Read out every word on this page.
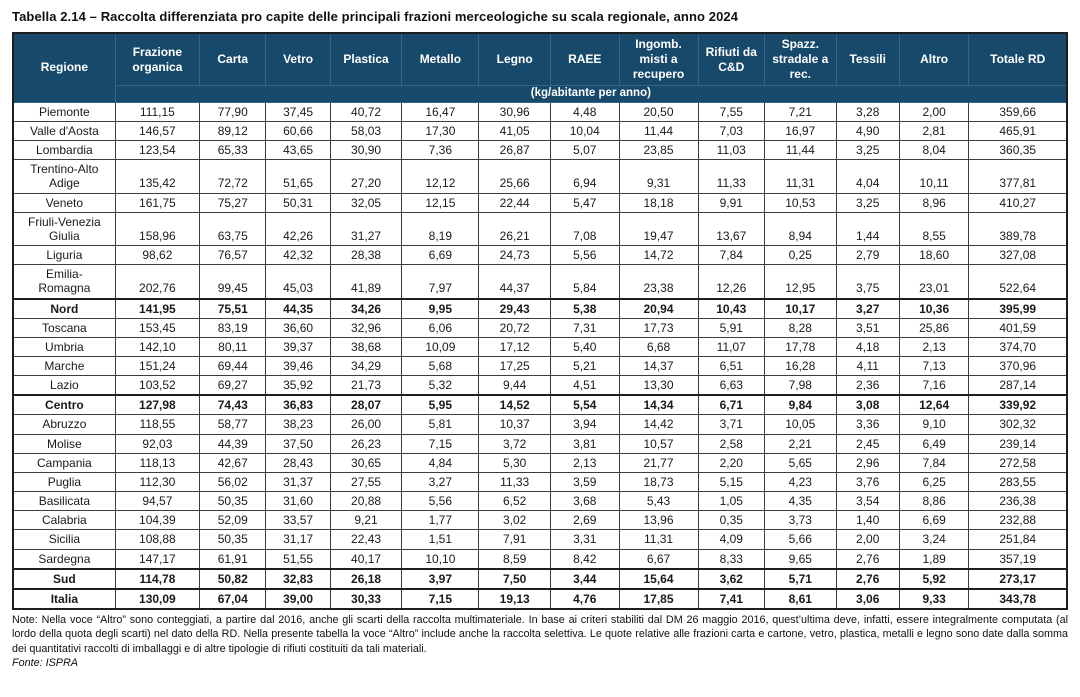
Tabella 2.14 – Raccolta differenziata pro capite delle principali frazioni merceologiche su scala regionale, anno 2024
Regione	Frazione organica	Carta	Vetro	Plastica	Metallo	Legno	RAEE	Ingomb. misti a recupero	Rifiuti da C&D	Spazz. stradale a rec.	Tessili	Altro	Totale RD
	(kg/abitante per anno)												
Piemonte	111,15	77,90	37,45	40,72	16,47	30,96	4,48	20,50	7,55	7,21	3,28	2,00	359,66
Valle d'Aosta	146,57	89,12	60,66	58,03	17,30	41,05	10,04	11,44	7,03	16,97	4,90	2,81	465,91
Lombardia	123,54	65,33	43,65	30,90	7,36	26,87	5,07	23,85	11,03	11,44	3,25	8,04	360,35
Trentino-Alto Adige	135,42	72,72	51,65	27,20	12,12	25,66	6,94	9,31	11,33	11,31	4,04	10,11	377,81
Veneto	161,75	75,27	50,31	32,05	12,15	22,44	5,47	18,18	9,91	10,53	3,25	8,96	410,27
Friuli-Venezia Giulia	158,96	63,75	42,26	31,27	8,19	26,21	7,08	19,47	13,67	8,94	1,44	8,55	389,78
Liguria	98,62	76,57	42,32	28,38	6,69	24,73	5,56	14,72	7,84	0,25	2,79	18,60	327,08
Emilia-Romagna	202,76	99,45	45,03	41,89	7,97	44,37	5,84	23,38	12,26	12,95	3,75	23,01	522,64
Nord	141,95	75,51	44,35	34,26	9,95	29,43	5,38	20,94	10,43	10,17	3,27	10,36	395,99
Toscana	153,45	83,19	36,60	32,96	6,06	20,72	7,31	17,73	5,91	8,28	3,51	25,86	401,59
Umbria	142,10	80,11	39,37	38,68	10,09	17,12	5,40	6,68	11,07	17,78	4,18	2,13	374,70
Marche	151,24	69,44	39,46	34,29	5,68	17,25	5,21	14,37	6,51	16,28	4,11	7,13	370,96
Lazio	103,52	69,27	35,92	21,73	5,32	9,44	4,51	13,30	6,63	7,98	2,36	7,16	287,14
Centro	127,98	74,43	36,83	28,07	5,95	14,52	5,54	14,34	6,71	9,84	3,08	12,64	339,92
Abruzzo	118,55	58,77	38,23	26,00	5,81	10,37	3,94	14,42	3,71	10,05	3,36	9,10	302,32
Molise	92,03	44,39	37,50	26,23	7,15	3,72	3,81	10,57	2,58	2,21	2,45	6,49	239,14
Campania	118,13	42,67	28,43	30,65	4,84	5,30	2,13	21,77	2,20	5,65	2,96	7,84	272,58
Puglia	112,30	56,02	31,37	27,55	3,27	11,33	3,59	18,73	5,15	4,23	3,76	6,25	283,55
Basilicata	94,57	50,35	31,60	20,88	5,56	6,52	3,68	5,43	1,05	4,35	3,54	8,86	236,38
Calabria	104,39	52,09	33,57	9,21	1,77	3,02	2,69	13,96	0,35	3,73	1,40	6,69	232,88
Sicilia	108,88	50,35	31,17	22,43	1,51	7,91	3,31	11,31	4,09	5,66	2,00	3,24	251,84
Sardegna	147,17	61,91	51,55	40,17	10,10	8,59	8,42	6,67	8,33	9,65	2,76	1,89	357,19
Sud	114,78	50,82	32,83	26,18	3,97	7,50	3,44	15,64	3,62	5,71	2,76	5,92	273,17
Italia	130,09	67,04	39,00	30,33	7,15	19,13	4,76	17,85	7,41	8,61	3,06	9,33	343,78
Note: Nella voce “Altro” sono conteggiati, a partire dal 2016, anche gli scarti della raccolta multimateriale. In base ai criteri stabiliti dal DM 26 maggio 2016, quest’ultima deve, infatti, essere integralmente computata (al lordo della quota degli scarti) nel dato della RD. Nella presente tabella la voce “Altro” include anche la raccolta selettiva. Le quote relative alle frazioni carta e cartone, vetro, plastica, metalli e legno sono date dalla somma dei quantitativi raccolti di imballaggi e di altre tipologie di rifiuti costituiti da tali materiali.
Fonte: ISPRA
